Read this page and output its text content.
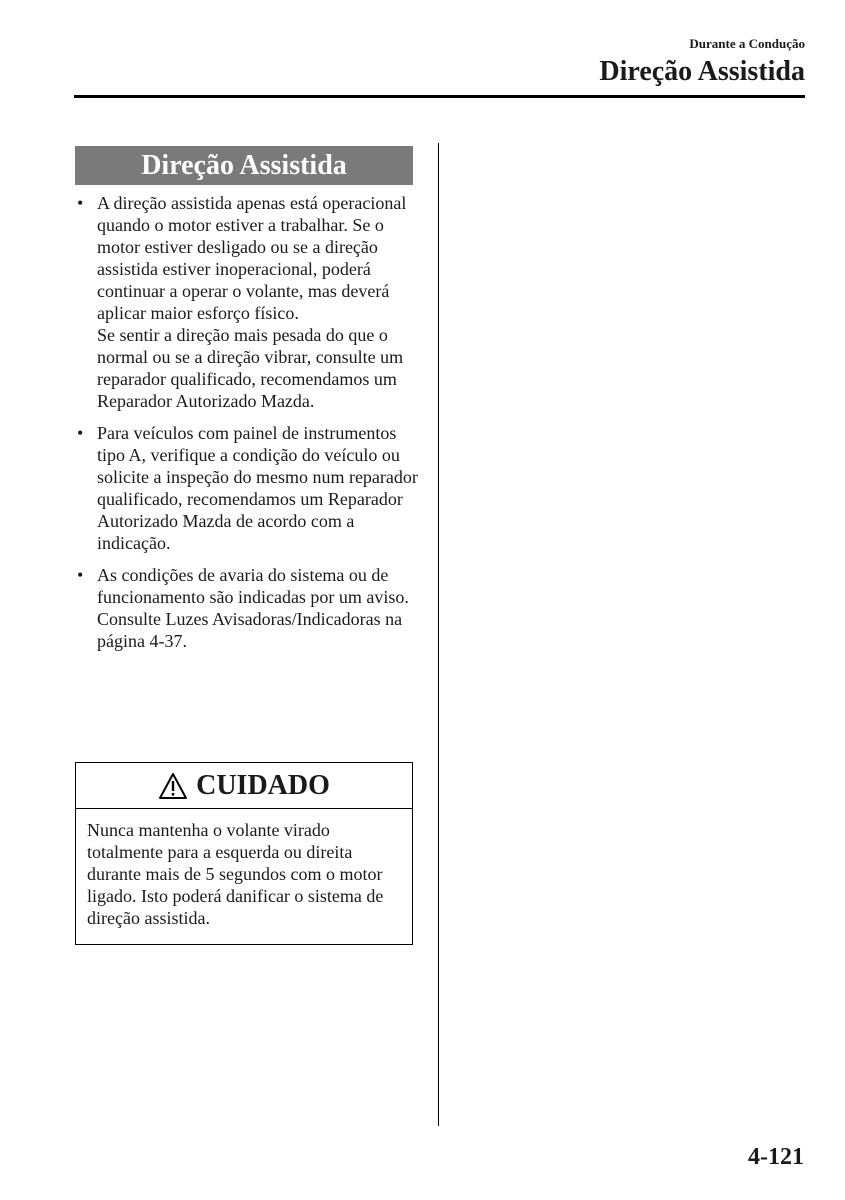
Durante a Condução
Direção Assistida
Direção Assistida
• A direção assistida apenas está operacional quando o motor estiver a trabalhar. Se o motor estiver desligado ou se a direção assistida estiver inoperacional, poderá continuar a operar o volante, mas deverá aplicar maior esforço físico.

Se sentir a direção mais pesada do que o normal ou se a direção vibrar, consulte um reparador qualificado, recomendamos um Reparador Autorizado Mazda.

• Para veículos com painel de instrumentos tipo A, verifique a condição do veículo ou solicite a inspeção do mesmo num reparador qualificado, recomendamos um Reparador Autorizado Mazda de acordo com a indicação.

• As condições de avaria do sistema ou de funcionamento são indicadas por um aviso.

Consulte Luzes Avisadoras/Indicadoras na página 4-37.

CUIDADO

Nunca mantenha o volante virado totalmente para a esquerda ou direita durante mais de 5 segundos com o motor ligado. Isto poderá danificar o sistema de direção assistida.

4-121
